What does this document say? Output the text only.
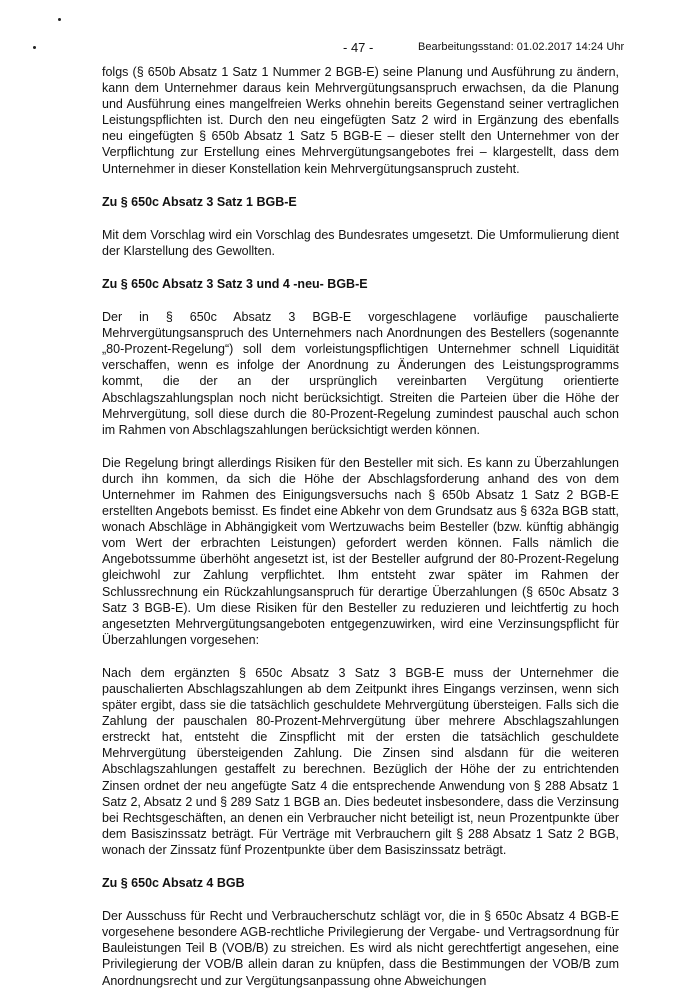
- 47 -	Bearbeitungsstand: 01.02.2017 14:24 Uhr

folgs (§ 650b Absatz 1 Satz 1 Nummer 2 BGB-E) seine Planung und Ausführung zu ändern, kann dem Unternehmer daraus kein Mehrvergütungsanspruch erwachsen, da die Planung und Ausführung eines mangelfreien Werks ohnehin bereits Gegenstand seiner vertraglichen Leistungspflichten ist. Durch den neu eingefügten Satz 2 wird in Ergänzung des ebenfalls neu eingefügten § 650b Absatz 1 Satz 5 BGB-E – dieser stellt den Unternehmer von der Verpflichtung zur Erstellung eines Mehrvergütungsangebotes frei – klargestellt, dass dem Unternehmer in dieser Konstellation kein Mehrvergütungsanspruch zusteht.

Zu § 650c Absatz 3 Satz 1 BGB-E

Mit dem Vorschlag wird ein Vorschlag des Bundesrates umgesetzt. Die Umformulierung dient der Klarstellung des Gewollten.

Zu § 650c Absatz 3 Satz 3 und 4 -neu- BGB-E

Der in § 650c Absatz 3 BGB-E vorgeschlagene vorläufige pauschalierte Mehrvergütungsanspruch des Unternehmers nach Anordnungen des Bestellers (sogenannte „80-Prozent-Regelung“) soll dem vorleistungspflichtigen Unternehmer schnell Liquidität verschaffen, wenn es infolge der Anordnung zu Änderungen des Leistungsprogramms kommt, die der an der ursprünglich vereinbarten Vergütung orientierte Abschlagszahlungsplan noch nicht berücksichtigt. Streiten die Parteien über die Höhe der Mehrvergütung, soll diese durch die 80-Prozent-Regelung zumindest pauschal auch schon im Rahmen von Abschlagszahlungen berücksichtigt werden können.

Die Regelung bringt allerdings Risiken für den Besteller mit sich. Es kann zu Überzahlungen durch ihn kommen, da sich die Höhe der Abschlagsforderung anhand des von dem Unternehmer im Rahmen des Einigungsversuchs nach § 650b Absatz 1 Satz 2 BGB-E erstellten Angebots bemisst. Es findet eine Abkehr von dem Grundsatz aus § 632a BGB statt, wonach Abschläge in Abhängigkeit vom Wertzuwachs beim Besteller (bzw. künftig abhängig vom Wert der erbrachten Leistungen) gefordert werden können. Falls nämlich die Angebotssumme überhöht angesetzt ist, ist der Besteller aufgrund der 80-Prozent-Regelung gleichwohl zur Zahlung verpflichtet. Ihm entsteht zwar später im Rahmen der Schlussrechnung ein Rückzahlungsanspruch für derartige Überzahlungen (§ 650c Absatz 3 Satz 3 BGB-E). Um diese Risiken für den Besteller zu reduzieren und leichtfertig zu hoch angesetzten Mehrvergütungsangeboten entgegenzuwirken, wird eine Verzinsungspflicht für Überzahlungen vorgesehen:

Nach dem ergänzten § 650c Absatz 3 Satz 3 BGB-E muss der Unternehmer die pauschalierten Abschlagszahlungen ab dem Zeitpunkt ihres Eingangs verzinsen, wenn sich später ergibt, dass sie die tatsächlich geschuldete Mehrvergütung übersteigen. Falls sich die Zahlung der pauschalen 80-Prozent-Mehrvergütung über mehrere Abschlagszahlungen erstreckt hat, entsteht die Zinspflicht mit der ersten die tatsächlich geschuldete Mehrvergütung übersteigenden Zahlung. Die Zinsen sind alsdann für die weiteren Abschlagszahlungen gestaffelt zu berechnen. Bezüglich der Höhe der zu entrichtenden Zinsen ordnet der neu angefügte Satz 4 die entsprechende Anwendung von § 288 Absatz 1 Satz 2, Absatz 2 und § 289 Satz 1 BGB an. Dies bedeutet insbesondere, dass die Verzinsung bei Rechtsgeschäften, an denen ein Verbraucher nicht beteiligt ist, neun Prozentpunkte über dem Basiszinssatz beträgt. Für Verträge mit Verbrauchern gilt § 288 Absatz 1 Satz 2 BGB, wonach der Zinssatz fünf Prozentpunkte über dem Basiszinssatz beträgt.

Zu § 650c Absatz 4 BGB

Der Ausschuss für Recht und Verbraucherschutz schlägt vor, die in § 650c Absatz 4 BGB-E vorgesehene besondere AGB-rechtliche Privilegierung der Vergabe- und Vertragsordnung für Bauleistungen Teil B (VOB/B) zu streichen. Es wird als nicht gerechtfertigt angesehen, eine Privilegierung der VOB/B allein daran zu knüpfen, dass die Bestimmungen der VOB/B zum Anordnungsrecht und zur Vergütungsanpassung ohne Abweichungen
